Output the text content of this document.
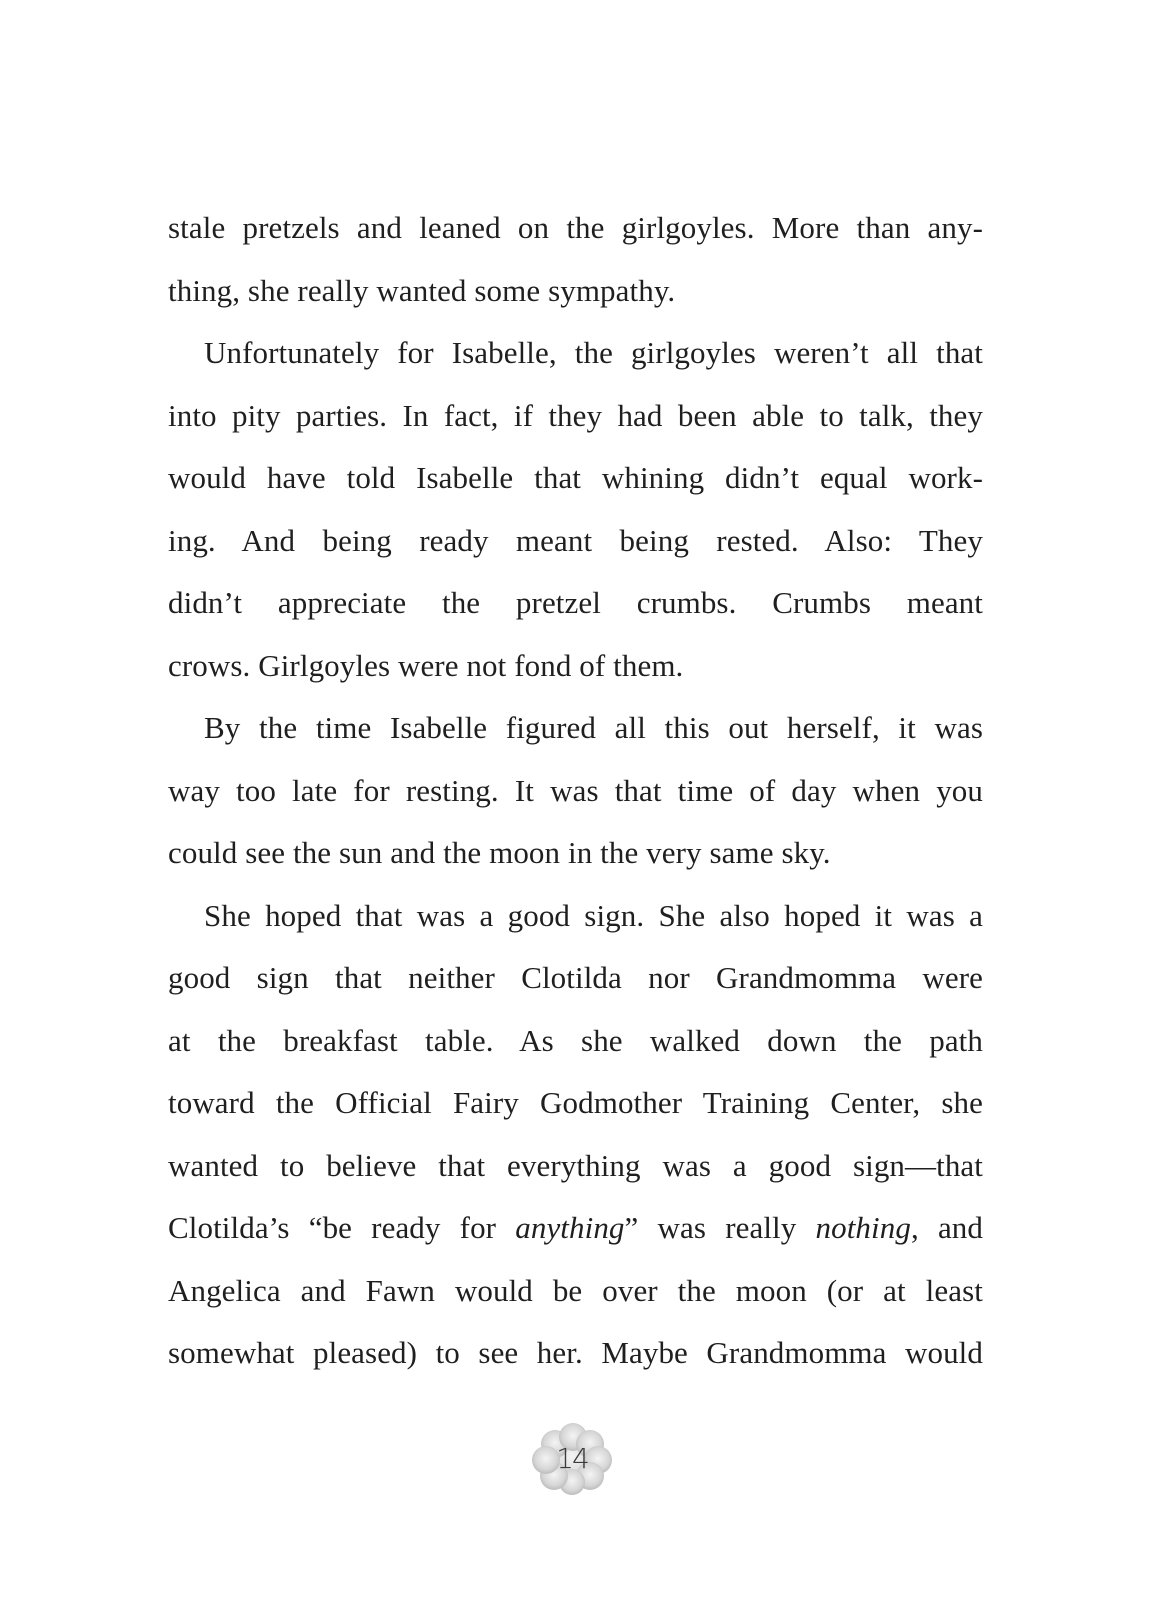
stale pretzels and leaned on the girlgoyles. More than any-
thing, she really wanted some sympathy.
Unfortunately for Isabelle, the girlgoyles weren’t all that
into pity parties. In fact, if they had been able to talk, they
would have told Isabelle that whining didn’t equal work-
ing. And being ready meant being rested. Also: They
didn’t appreciate the pretzel crumbs. Crumbs meant
crows. Girlgoyles were not fond of them.
By the time Isabelle figured all this out herself, it was
way too late for resting. It was that time of day when you
could see the sun and the moon in the very same sky.
She hoped that was a good sign. She also hoped it was a
good sign that neither Clotilda nor Grandmomma were
at the breakfast table. As she walked down the path
toward the Official Fairy Godmother Training Center, she
wanted to believe that everything was a good sign—that
Clotilda’s “be ready for anything” was really nothing, and
Angelica and Fawn would be over the moon (or at least
somewhat pleased) to see her. Maybe Grandmomma would
14
